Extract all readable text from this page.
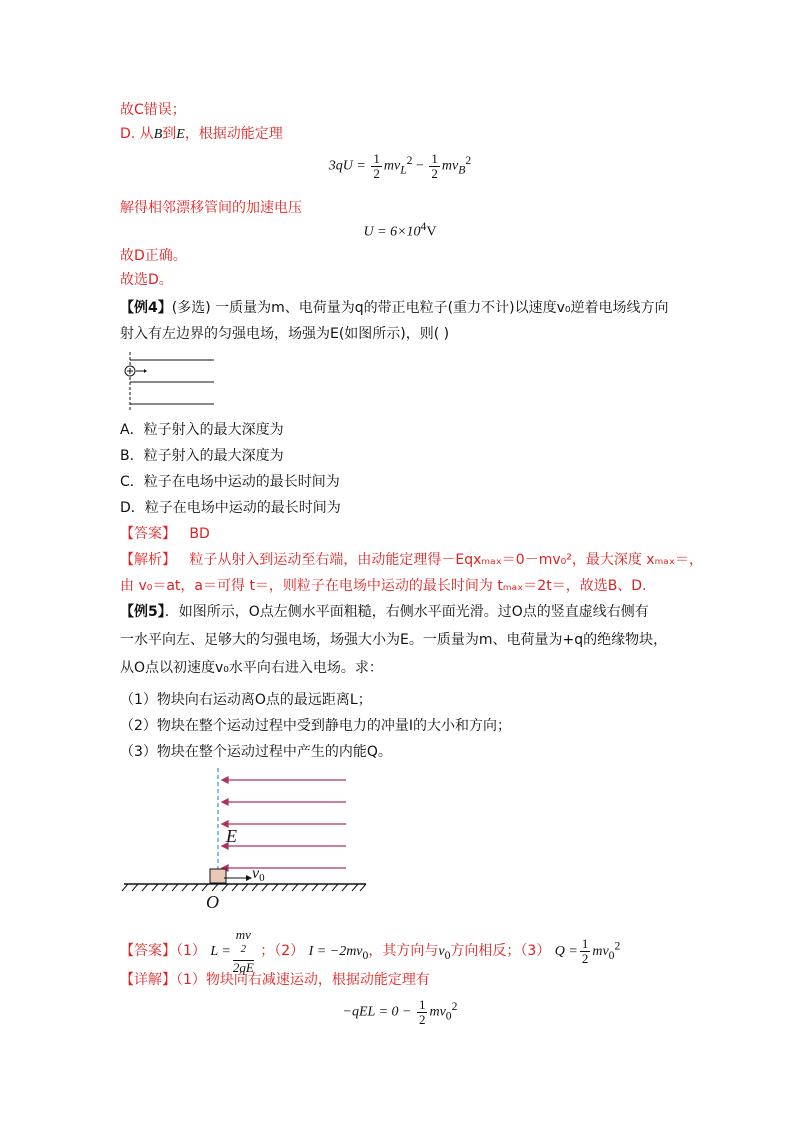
故C错误；
D. 从B到E，根据动能定理
$3qU = \frac{1}{2} mv_L^2 - \frac{1}{2} mv_B^2$
解得相邻漂移管间的加速电压
$U = 6\times 10^4V$
故D正确。
故选D。
【例4】(多选) 一质量为m、电荷量为q的带正电粒子(重力不计)以速度v₀逆着电场线方向
射入有左边界的匀强电场，场强为E(如图所示)，则( )
A．粒子射入的最大深度为
B．粒子射入的最大深度为
C．粒子在电场中运动的最长时间为
D．粒子在电场中运动的最长时间为
【答案】 BD
【解析】 粒子从射入到运动至右端，由动能定理得－Eqxₘₐₓ＝0－mv₀²，最大深度 xₘₐₓ＝，
由 v₀＝at，a＝可得 t＝，则粒子在电场中运动的最长时间为 tₘₐₓ＝2t＝，故选B、D.
【例5】．如图所示，O点左侧水平面粗糙，右侧水平面光滑。过O点的竖直虚线右侧有
一水平向左、足够大的匀强电场，场强大小为E。一质量为m、电荷量为+q的绝缘物块，
从O点以初速度v₀水平向右进入电场。求：
（1）物块向右运动离O点的最远距离L；
（2）物块在整个运动过程中受到静电力的冲量I的大小和方向；
（3）物块在整个运动过程中产生的内能Q。
E
v0
O
【答案】（1） L = mv
$^2$
2qE ；（2） $I = -2mv_0$，其方向与$v_0$方向相反；（3） $Q = \frac{1}{2} mv_0^2$
【详解】（1）物块向右减速运动，根据动能定理有
$-qEL = 0 - \frac{1}{2} mv_0^2$
